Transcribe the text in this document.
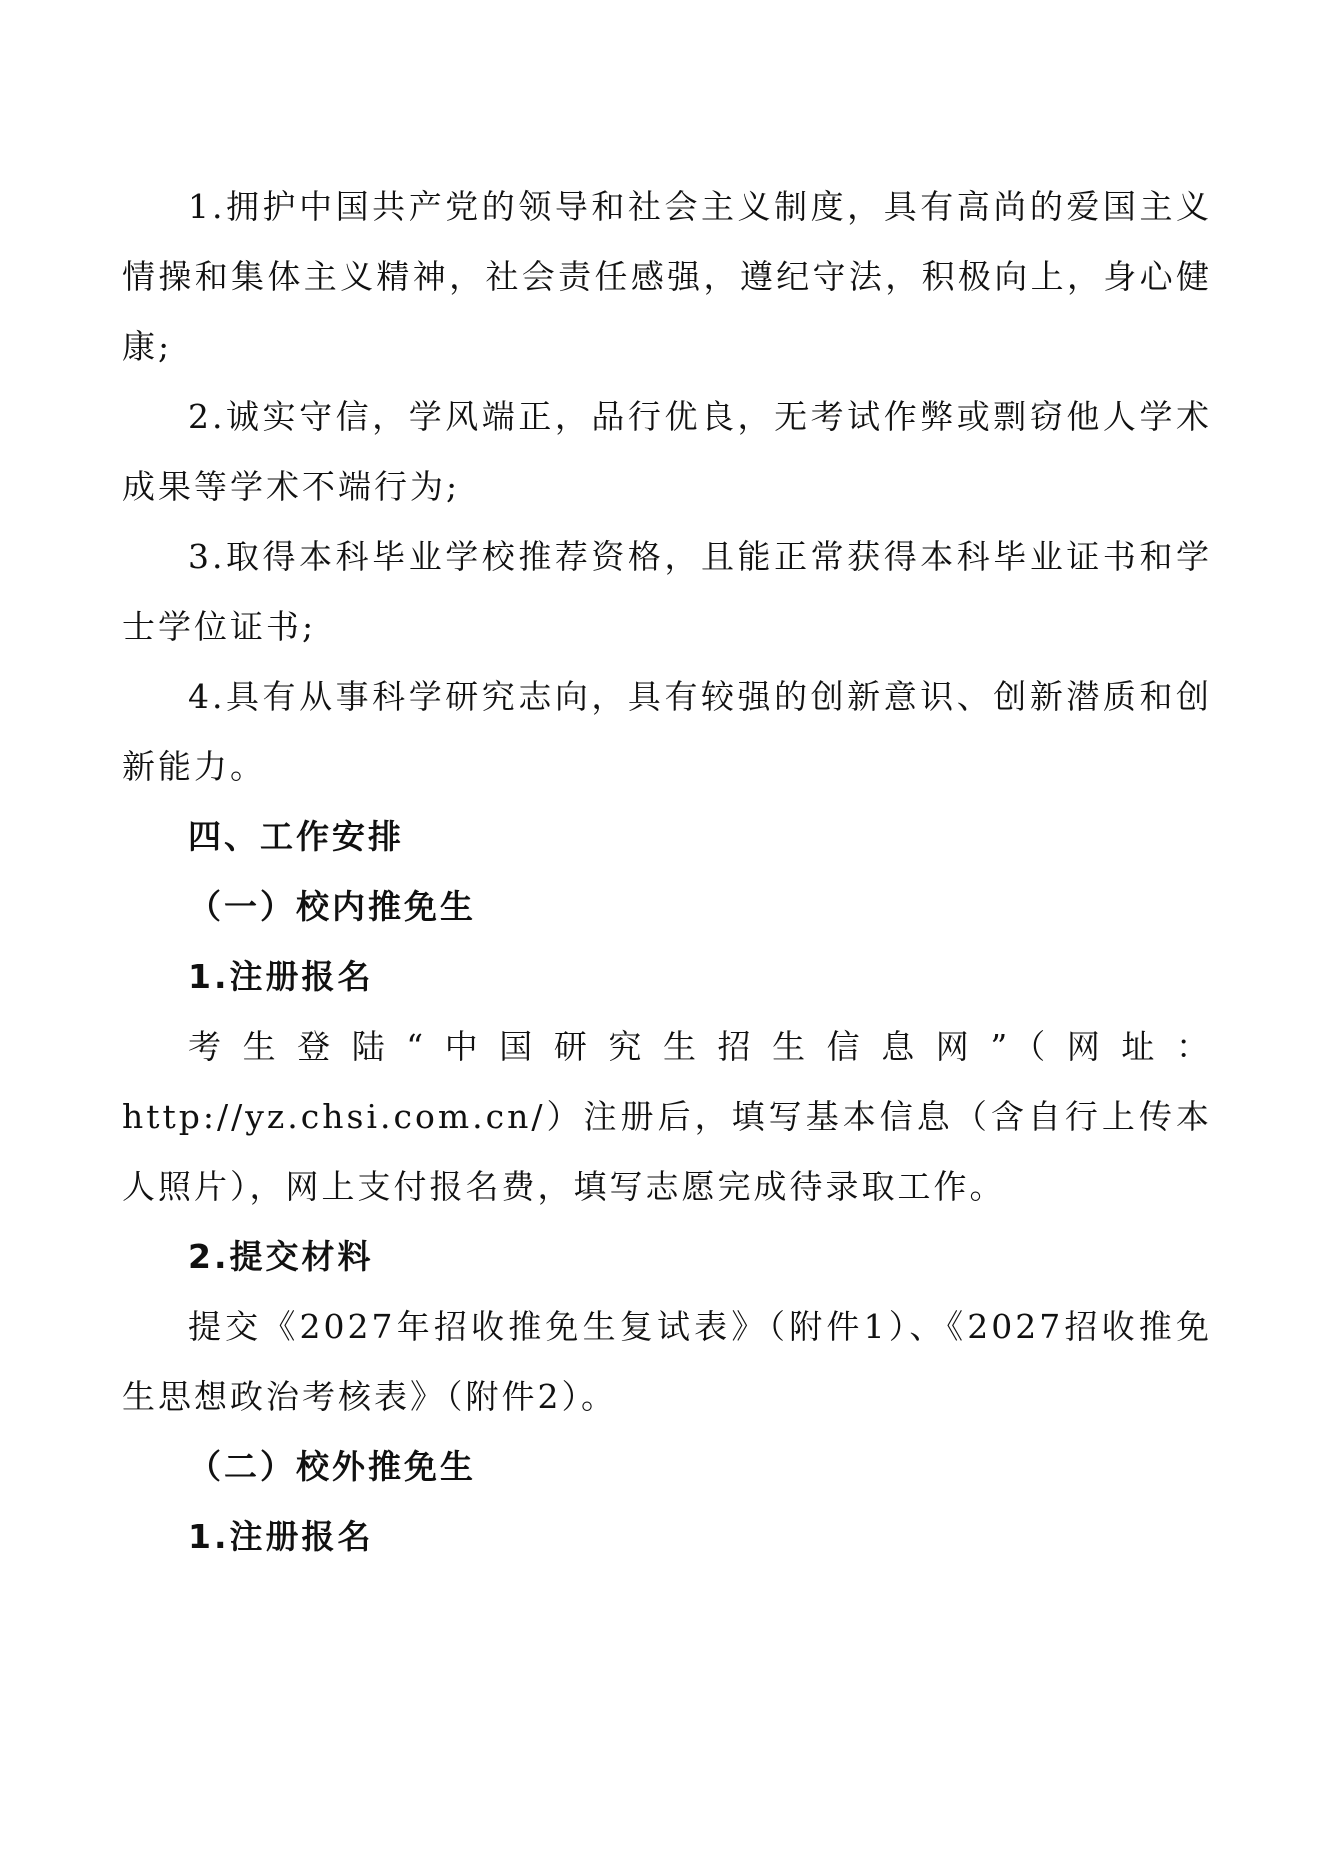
1.拥护中国共产党的领导和社会主义制度，具有高尚的爱国主义情操和集体主义精神，社会责任感强，遵纪守法，积极向上，身心健康;

2.诚实守信，学风端正，品行优良，无考试作弊或剽窃他人学术成果等学术不端行为;

3.取得本科毕业学校推荐资格，且能正常获得本科毕业证书和学士学位证书;

4.具有从事科学研究志向，具有较强的创新意识、创新潜质和创新能力。

四、工作安排

（一）校内推免生

1.注册报名

考生登陆“中国研究生招生信息网”（网址：

http://yz.chsi.com.cn/）注册后，填写基本信息（含自行上传本人照片），网上支付报名费，填写志愿完成待录取工作。

2.提交材料

提交《2027年招收推免生复试表》（附件1）、《2027招收推免生思想政治考核表》（附件2）。

（二）校外推免生

1.注册报名
